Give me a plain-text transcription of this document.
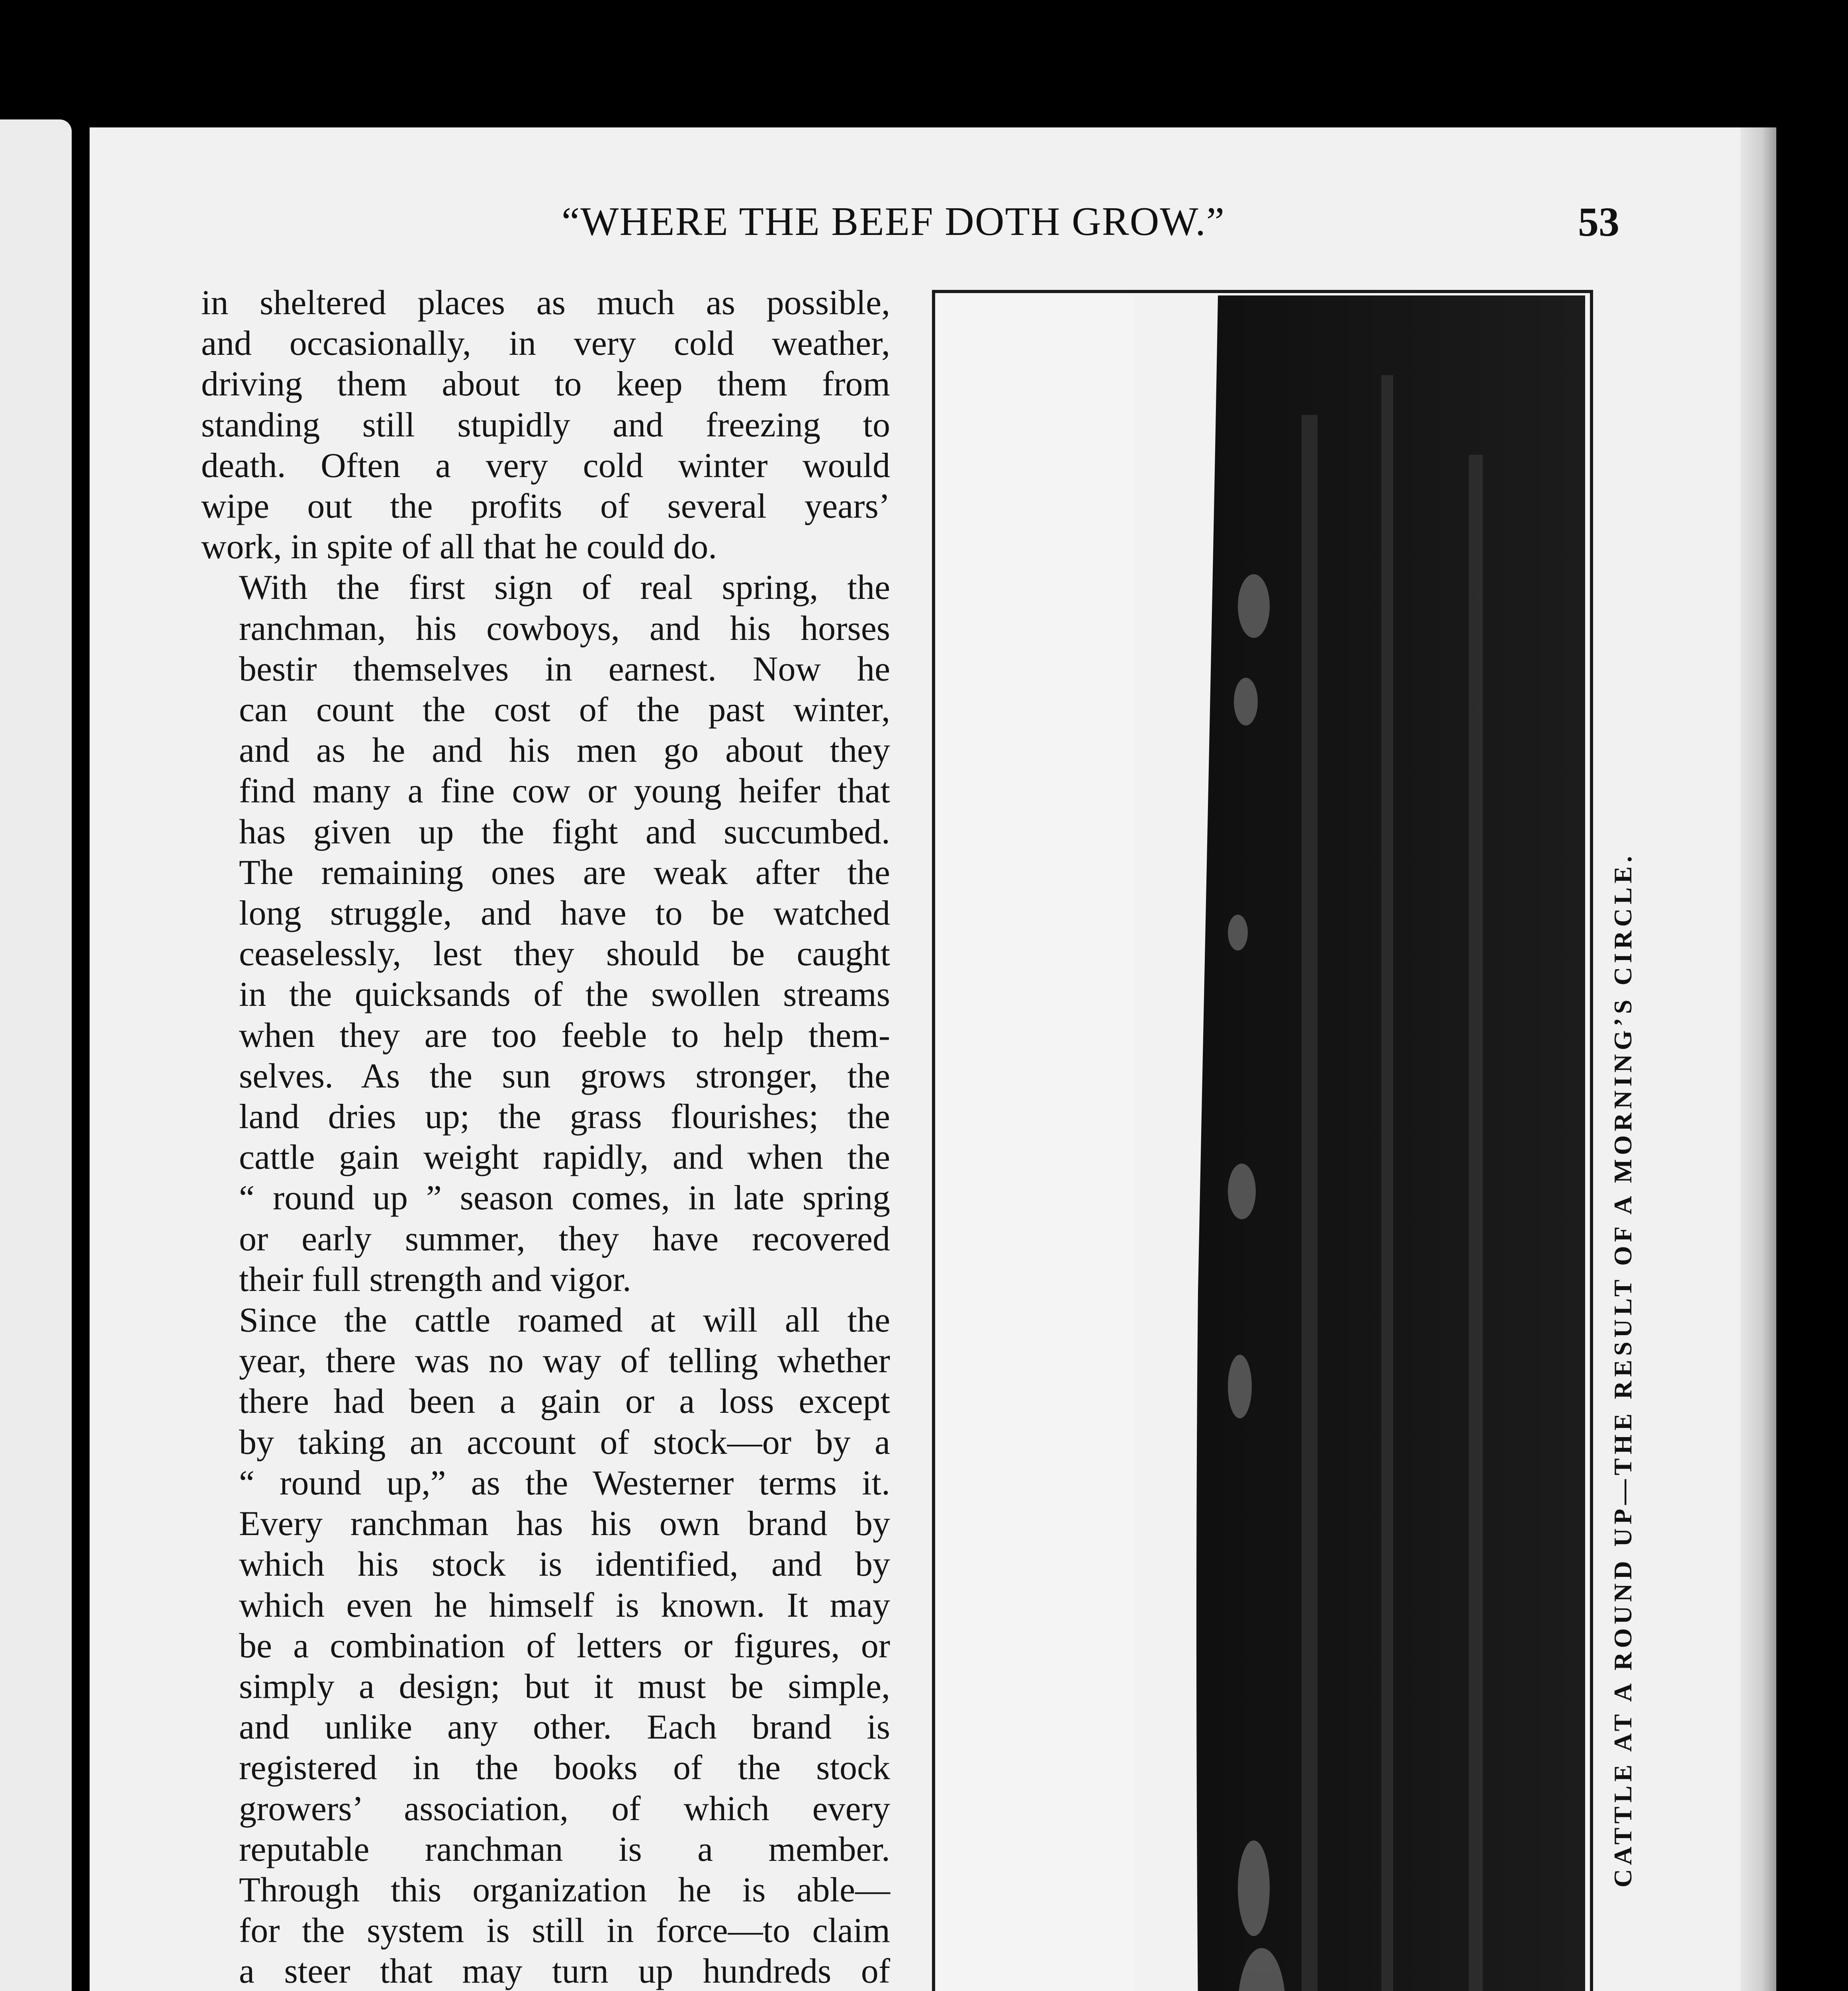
“WHERE THE BEEF DOTH GROW.”	53

in sheltered places as much as possible,
and occasionally, in very cold weather,
driving them about to keep them from
standing still stupidly and freezing to
death. Often a very cold winter would
wipe out the profits of several years’
work, in spite of all that he could do.

With the first sign of real spring, the
ranchman, his cowboys, and his horses
bestir themselves in earnest. Now he
can count the cost of the past winter,
and as he and his men go about they
find many a fine cow or young heifer that
has given up the fight and succumbed.
The remaining ones are weak after the
long struggle, and have to be watched
ceaselessly, lest they should be caught
in the quicksands of the swollen streams
when they are too feeble to help them-
selves. As the sun grows stronger, the
land dries up; the grass flourishes; the
cattle gain weight rapidly, and when the
“ round up ” season comes, in late spring
or early summer, they have recovered
their full strength and vigor.

Since the cattle roamed at will all the
year, there was no way of telling whether
there had been a gain or a loss except
by taking an account of stock—or by a
“ round up,” as the Westerner terms it.
Every ranchman has his own brand by
which his stock is identified, and by
which even he himself is known. It may
be a combination of letters or figures, or
simply a design; but it must be simple,
and unlike any other. Each brand is
registered in the books of the stock
growers’ association, of which every
reputable ranchman is a member.
Through this organization he is able—
for the system is still in force—to claim
a steer that may turn up hundreds of

CATTLE AT A ROUND UP—THE RESULT OF A MORNING’S CIRCLE.
